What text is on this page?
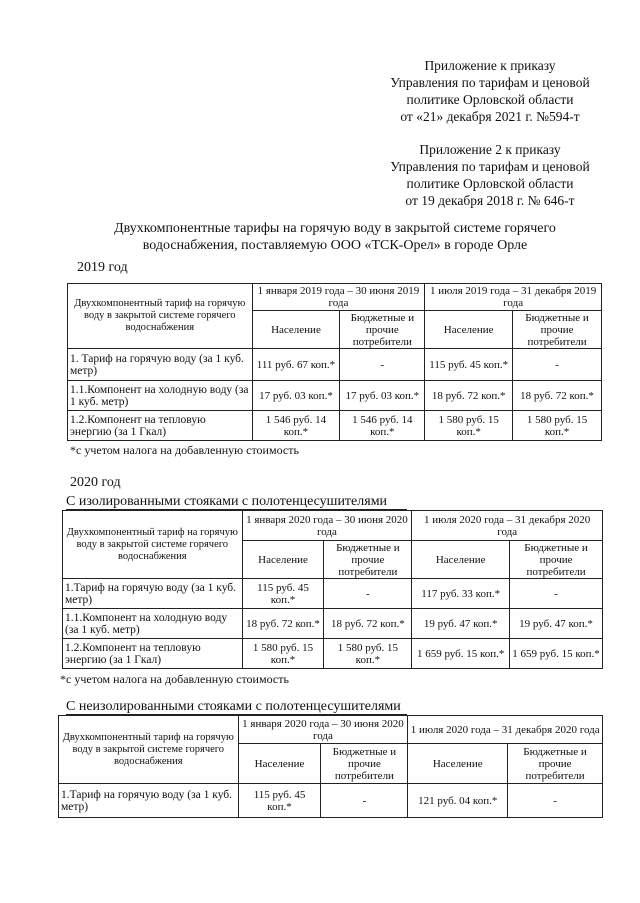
Приложение к приказу
Управления по тарифам и ценовой
политике Орловской области
от «21» декабря 2021 г. №594-т
Приложение 2 к приказу
Управления по тарифам и ценовой
политике Орловской области
от 19 декабря 2018 г. № 646-т
Двухкомпонентные тарифы на горячую воду в закрытой системе горячего
водоснабжения, поставляемую ООО «ТСК-Орел» в городе Орле
2019 год
Двухкомпонентный тариф на горячую воду в закрытой системе горячего водоснабжения	1 января 2019 года – 30 июня 2019 года		1 июля 2019 года – 31 декабря 2019 года	
	Население	Бюджетные и прочие потребители	Население	Бюджетные и прочие потребители
1. Тариф на горячую воду (за 1 куб. метр)	111 руб. 67 коп.*	-	115 руб. 45 коп.*	-
1.1.Компонент на холодную воду (за 1 куб. метр)	17 руб. 03 коп.*	17 руб. 03 коп.*	18 руб. 72 коп.*	18 руб. 72 коп.*
1.2.Компонент на тепловую энергию (за 1 Гкал)	1 546 руб. 14 коп.*	1 546 руб. 14 коп.*	1 580 руб. 15 коп.*	1 580 руб. 15 коп.*
*с учетом налога на добавленную стоимость
2020 год
С изолированными стояками с полотенцесушителями
Двухкомпонентный тариф на горячую воду в закрытой системе горячего водоснабжения	1 января 2020 года – 30 июня 2020 года		1 июля 2020 года – 31 декабря 2020 года	
	Население	Бюджетные и прочие потребители	Население	Бюджетные и прочие потребители
1.Тариф на горячую воду (за 1 куб. метр)	115 руб. 45 коп.*	-	117 руб. 33 коп.*	-
1.1.Компонент на холодную воду (за 1 куб. метр)	18 руб. 72 коп.*	18 руб. 72 коп.*	19 руб. 47 коп.*	19 руб. 47 коп.*
1.2.Компонент на тепловую энергию (за 1 Гкал)	1 580 руб. 15 коп.*	1 580 руб. 15 коп.*	1 659 руб. 15 коп.*	1 659 руб. 15 коп.*
*с учетом налога на добавленную стоимость
С неизолированными стояками с полотенцесушителями
Двухкомпонентный тариф на горячую воду в закрытой системе горячего водоснабжения	1 января 2020 года – 30 июня 2020 года		1 июля 2020 года – 31 декабря 2020 года	
	Население	Бюджетные и прочие потребители	Население	Бюджетные и прочие потребители
1.Тариф на горячую воду (за 1 куб. метр)	115 руб. 45 коп.*	-	121 руб. 04 коп.*	-
